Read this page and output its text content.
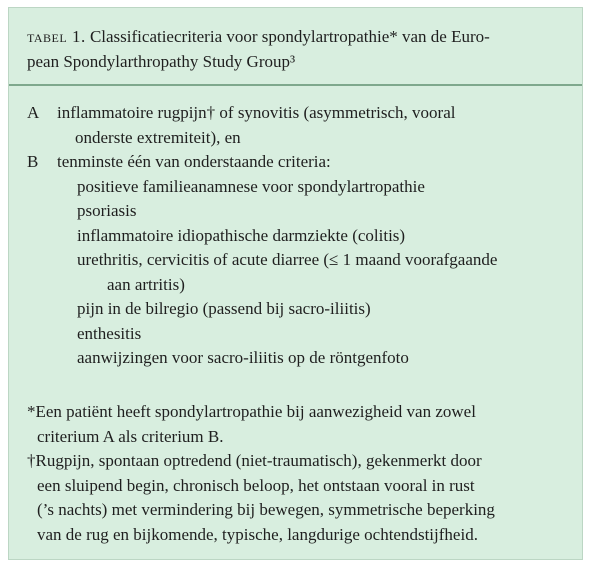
tabel 1. Classificatiecriteria voor spondylartropathie* van de Euro-
pean Spondylarthropathy Study Group³
A inflammatoire rugpijn† of synovitis (asymmetrisch, vooral
onderste extremiteit), en
B tenminste één van onderstaande criteria:
positieve familieanamnese voor spondylartropathie
psoriasis
inflammatoire idiopathische darmziekte (colitis)
urethritis, cervicitis of acute diarree (≤ 1 maand voorafgaande
aan artritis)
pijn in de bilregio (passend bij sacro-iliitis)
enthesitis
aanwijzingen voor sacro-iliitis op de röntgenfoto
*Een patiënt heeft spondylartropathie bij aanwezigheid van zowel
criterium A als criterium B.
†Rugpijn, spontaan optredend (niet-traumatisch), gekenmerkt door
een sluipend begin, chronisch beloop, het ontstaan vooral in rust
(’s nachts) met vermindering bij bewegen, symmetrische beperking
van de rug en bijkomende, typische, langdurige ochtendstijfheid.
